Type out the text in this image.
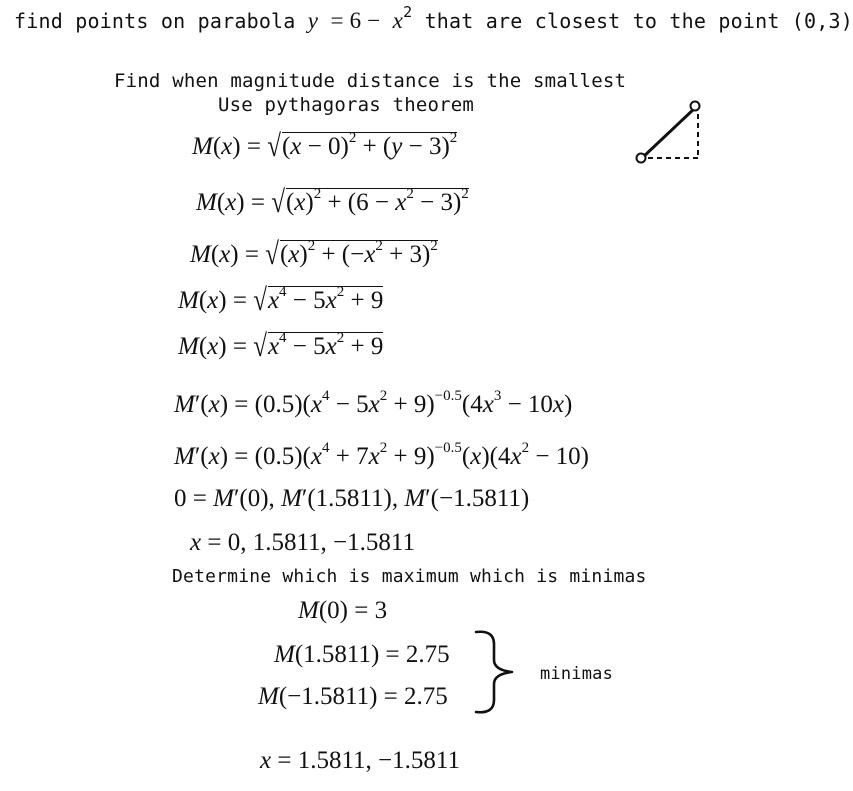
find points on parabola $y = 6 - x^2$ that are closest to the point (0,3)
Find when magnitude distance is the smallest
Use pythagoras theorem
$M(x) = √(x - 0)^2 + (y - 3)^2$
$M(x) = √(x)^2 + (6 - x^2 - 3)^2$
$M(x) = √(x)^2 + (-x^2 + 3)^2$
$M(x) = √x^4 - 5x^2 + 9$
$M(x) = √x^4 - 5x^2 + 9$
$M'(x) = (0.5)(x^4 - 5x^2 + 9)^{-0.5}(4x^3 - 10x)$
$M'(x) = (0.5)(x^4 + 7x^2 + 9)^{-0.5}(x)(4x^2 - 10)$
0 = M′(0), M′(1.5811), M′(−1.5811)
x = 0, 1.5811, −1.5811
Determine which is maximum which is minimas
M(0) = 3
M(1.5811) = 2.75
M(−1.5811) = 2.75
minimas
x = 1.5811, −1.5811
